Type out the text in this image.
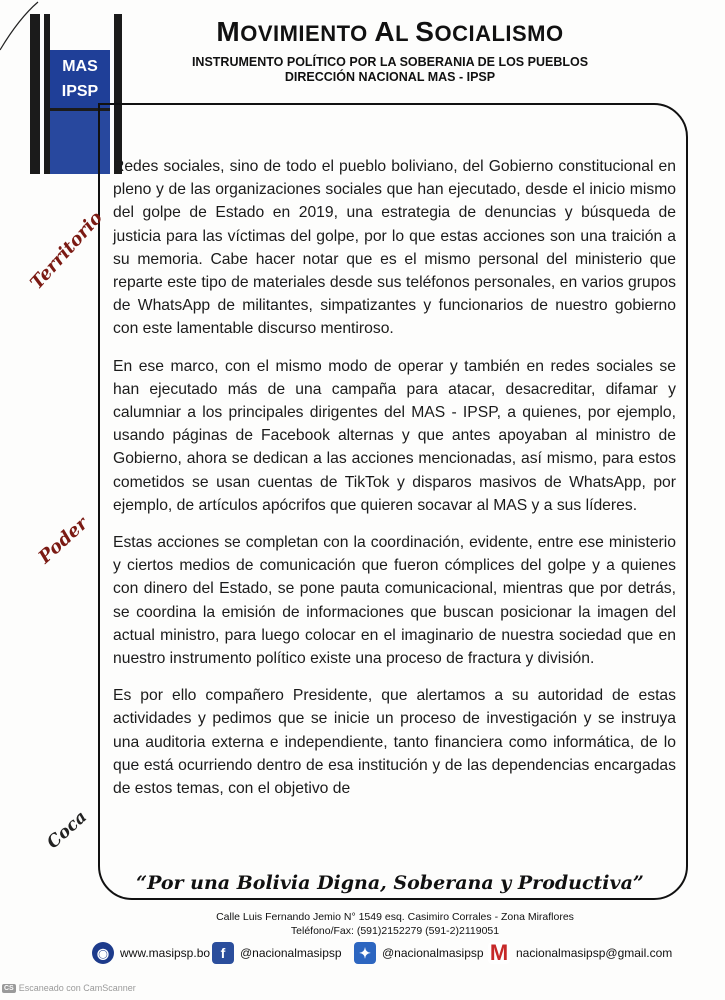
MAS
IPSP
MOVIMIENTO AL SOCIALISMO
INSTRUMENTO POLÍTICO POR LA SOBERANIA DE LOS PUEBLOS
DIRECCIÓN NACIONAL MAS - IPSP
Territorio
Poder
Coca

Redes sociales, sino de todo el pueblo boliviano, del Gobierno constitucional en pleno y de las organizaciones sociales que han ejecutado, desde el inicio mismo del golpe de Estado en 2019, una estrategia de denuncias y búsqueda de justicia para las víctimas del golpe, por lo que estas acciones son una traición a su memoria. Cabe hacer notar que es el mismo personal del ministerio que reparte este tipo de materiales desde sus teléfonos personales, en varios grupos de WhatsApp de militantes, simpatizantes y funcionarios de nuestro gobierno con este lamentable discurso mentiroso.

En ese marco, con el mismo modo de operar y también en redes sociales se han ejecutado más de una campaña para atacar, desacreditar, difamar y calumniar a los principales dirigentes del MAS - IPSP, a quienes, por ejemplo, usando páginas de Facebook alternas y que antes apoyaban al ministro de Gobierno, ahora se dedican a las acciones mencionadas, así mismo, para estos cometidos se usan cuentas de TikTok y disparos masivos de WhatsApp, por ejemplo, de artículos apócrifos que quieren socavar al MAS y a sus líderes.

Estas acciones se completan con la coordinación, evidente, entre ese ministerio y ciertos medios de comunicación que fueron cómplices del golpe y a quienes con dinero del Estado, se pone pauta comunicacional, mientras que por detrás, se coordina la emisión de informaciones que buscan posicionar la imagen del actual ministro, para luego colocar en el imaginario de nuestra sociedad que en nuestro instrumento político existe una proceso de fractura y división.

Es por ello compañero Presidente, que alertamos a su autoridad de estas actividades y pedimos que se inicie un proceso de investigación y se instruya una auditoria externa e independiente, tanto financiera como informática, de lo que está ocurriendo dentro de esa institución y de las dependencias encargadas de estos temas, con el objetivo de

“Por una Bolivia Digna, Soberana y Productiva”
Calle Luis Fernando Jemio N° 1549 esq. Casimiro Corrales - Zona Miraflores
Teléfono/Fax: (591)2152279 (591-2)2119051
◉ www.masipsp.bo f	@nacionalmasipsp	✦ @nacionalmasipsp M nacionalmasipsp@gmail.com
CS Escaneado con CamScanner
